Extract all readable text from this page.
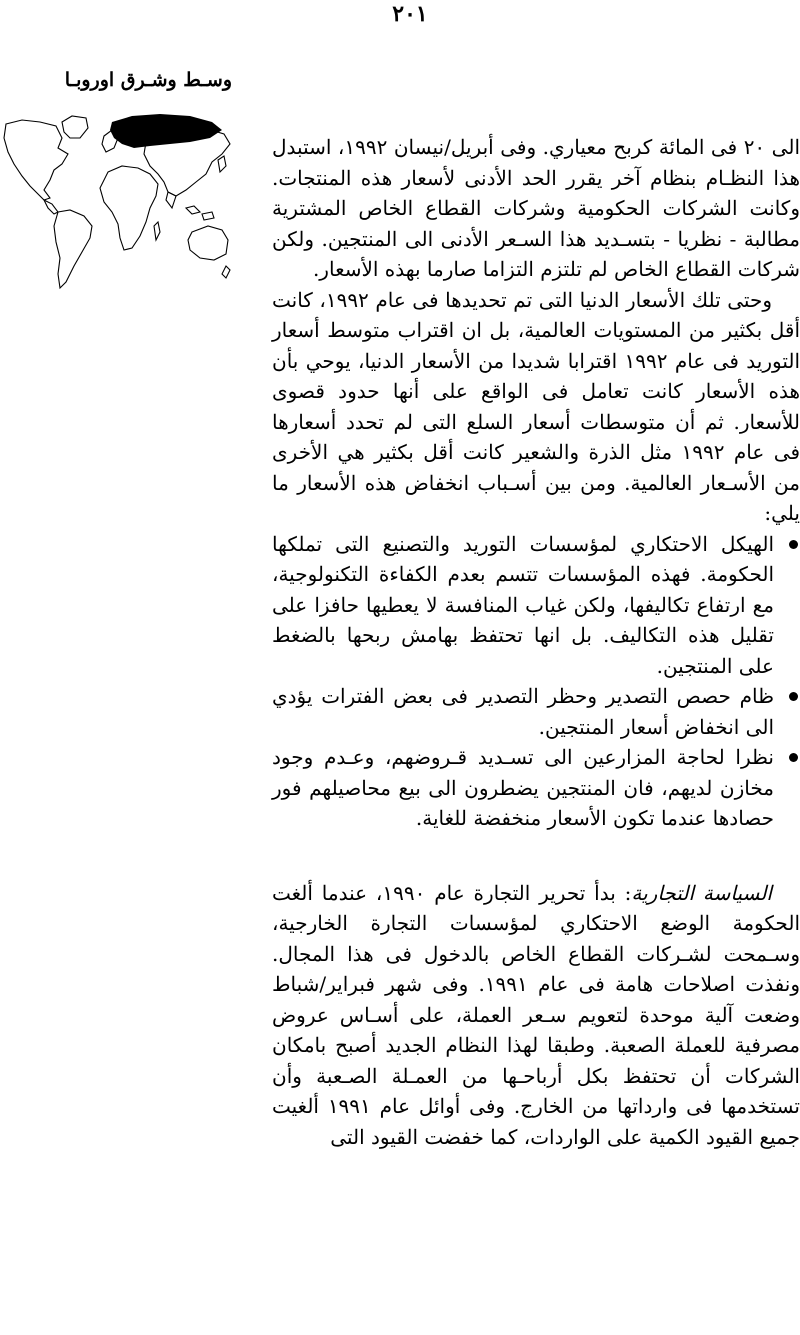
٢٠١
وسـط وشـرق اوروبـا

الى ٢٠ فى المائة كربح معياري. وفى أبريل/نيسان ١٩٩٢، استبدل هذا النظـام بنظام آخر يقرر الحد الأدنى لأسعار هذه المنتجات. وكانت الشركات الحكومية وشركات القطاع الخاص المشترية مطالبة - نظريا - بتسـديد هذا السـعر الأدنى الى المنتجين. ولكن شركات القطاع الخاص لم تلتزم التزاما صارما بهذه الأسعار.

وحتى تلك الأسعار الدنيا التى تم تحديدها فى عام ١٩٩٢، كانت أقل بكثير من المستويات العالمية، بل ان اقتراب متوسط أسعار التوريد فى عام ١٩٩٢ اقترابا شديدا من الأسعار الدنيا، يوحي بأن هذه الأسعار كانت تعامل فى الواقع على أنها حدود قصوى للأسعار. ثم أن متوسطات أسعار السلع التى لم تحدد أسعارها فى عام ١٩٩٢ مثل الذرة والشعير كانت أقل بكثير هي الأخرى من الأسـعار العالمية. ومن بين أسـباب انخفاض هذه الأسعار ما يلي:

الهيكل الاحتكاري لمؤسسات التوريد والتصنيع التى تملكها الحكومة. فهذه المؤسسات تتسم بعدم الكفاءة التكنولوجية، مع ارتفاع تكاليفها، ولكن غياب المنافسة لا يعطيها حافزا على تقليل هذه التكاليف. بل انها تحتفظ بهامش ربحها بالضغط على المنتجين.
ظام حصص التصدير وحظر التصدير فى بعض الفترات يؤدي الى انخفاض أسعار المنتجين.
نظرا لحاجة المزارعين الى تسـديد قـروضهم، وعـدم وجود مخازن لديهم، فان المنتجين يضطرون الى بيع محاصيلهم فور حصادها عندما تكون الأسعار منخفضة للغاية.

السياسة التجارية: بدأ تحرير التجارة عام ١٩٩٠، عندما ألغت الحكومة الوضع الاحتكاري لمؤسسات التجارة الخارجية، وسـمحت لشـركات القطاع الخاص بالدخول فى هذا المجال. ونفذت اصلاحات هامة فى عام ١٩٩١. وفى شهر فبراير/شباط وضعت آلية موحدة لتعويم سـعر العملة، على أسـاس عروض مصرفية للعملة الصعبة. وطبقا لهذا النظام الجديد أصبح بامكان الشركات أن تحتفظ بكل أرباحـها من العمـلة الصـعبة وأن تستخدمها فى وارداتها من الخارج. وفى أوائل عام ١٩٩١ ألغيت جميع القيود الكمية على الواردات، كما خفضت القيود التى
